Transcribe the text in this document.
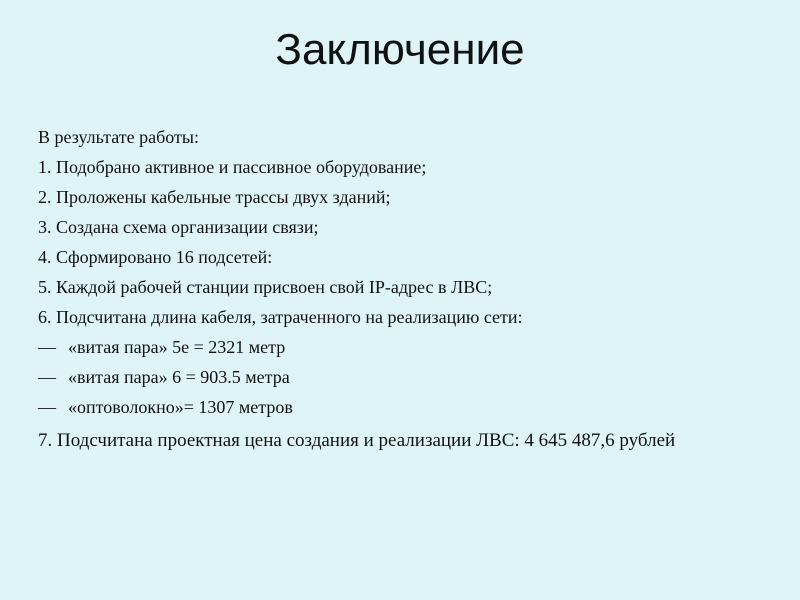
Заключение
В результате работы:
1. Подобрано активное и пассивное оборудование;
2. Проложены кабельные трассы двух зданий;
3. Создана схема организации связи;
4. Сформировано 16 подсетей:
5. Каждой рабочей станции присвоен свой IP-адрес в ЛВС;
6. Подсчитана длина кабеля, затраченного на реализацию сети:
— «витая пара» 5е = 2321 метр
— «витая пара» 6 = 903.5 метра
— «оптоволокно»= 1307 метров
7. Подсчитана проектная цена создания и реализации ЛВС: 4 645 487,6 рублей
